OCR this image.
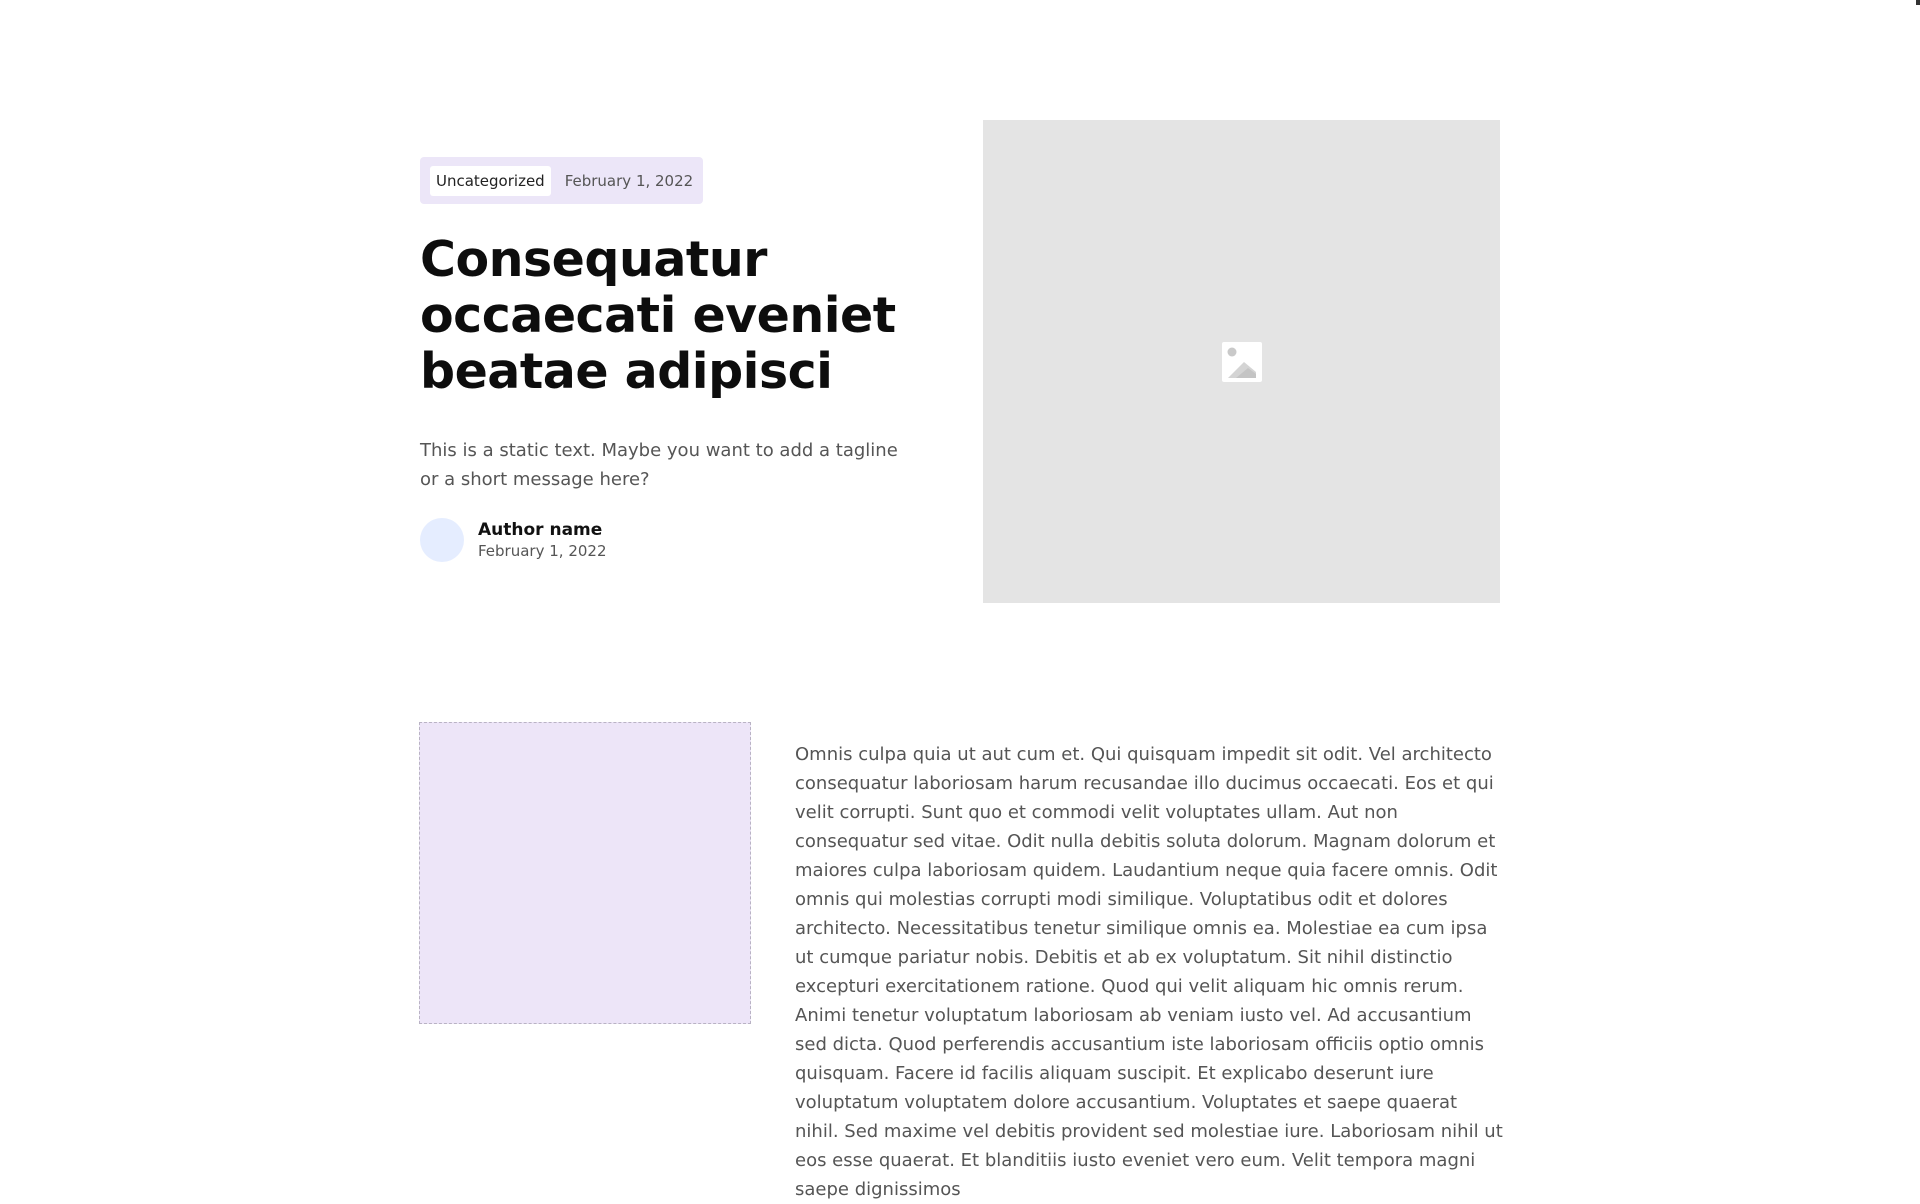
Uncategorized	February 1, 2022
Consequatur occaecati eveniet beatae adipisci

This is a static text. Maybe you want to add a tagline or a short message here?

Author name
February 1, 2022

Omnis culpa quia ut aut cum et. Qui quisquam impedit sit odit. Vel architecto consequatur laboriosam harum recusandae illo ducimus occaecati. Eos et qui velit corrupti. Sunt quo et commodi velit voluptates ullam. Aut non consequatur sed vitae. Odit nulla debitis soluta dolorum. Magnam dolorum et maiores culpa laboriosam quidem. Laudantium neque quia facere omnis. Odit omnis qui molestias corrupti modi similique. Voluptatibus odit et dolores architecto. Necessitatibus tenetur similique omnis ea. Molestiae ea cum ipsa ut cumque pariatur nobis. Debitis et ab ex voluptatum. Sit nihil distinctio excepturi exercitationem ratione. Quod qui velit aliquam hic omnis rerum. Animi tenetur voluptatum laboriosam ab veniam iusto vel. Ad accusantium sed dicta. Quod perferendis accusantium iste laboriosam officiis optio omnis quisquam. Facere id facilis aliquam suscipit. Et explicabo deserunt iure voluptatum voluptatem dolore accusantium. Voluptates et saepe quaerat nihil. Sed maxime vel debitis provident sed molestiae iure. Laboriosam nihil ut eos esse quaerat. Et blanditiis iusto eveniet vero eum. Velit tempora magni saepe dignissimos
